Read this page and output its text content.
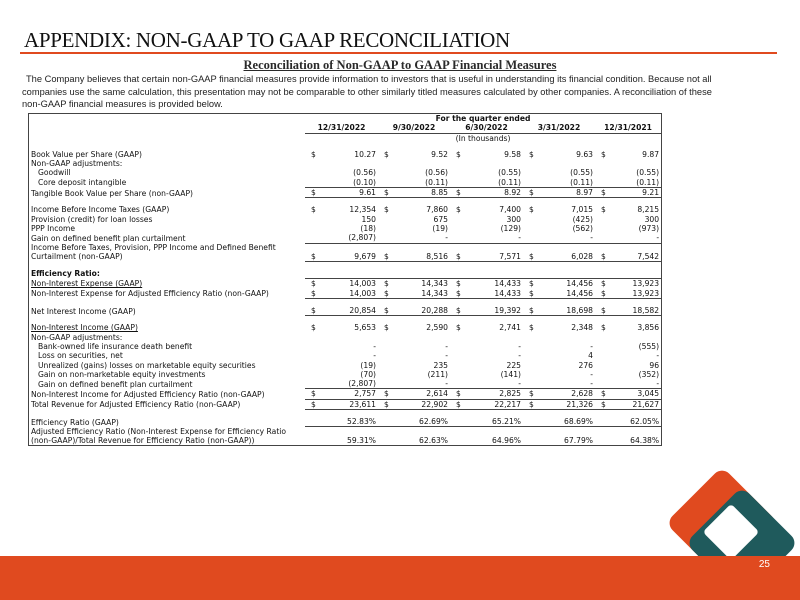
APPENDIX: NON-GAAP TO GAAP RECONCILIATION
Reconciliation of Non-GAAP to GAAP Financial Measures
The Company believes that certain non-GAAP financial measures provide information to investors that is useful in understanding its financial condition. Because not all companies use the same calculation, this presentation may not be comparable to other similarly titled measures calculated by other companies. A reconciliation of these non-GAAP financial measures is provided below.
	For the quarter ended									
	12/31/2022		9/30/2022		6/30/2022		3/31/2022		12/31/2021	
	(In thousands)									

Book Value per Share (GAAP)	$	10.27	$	9.52	$	9.58	$	9.63	$	9.87
Non-GAAP adjustments:										
Goodwill		(0.56)		(0.56)		(0.55)		(0.55)		(0.55)
Core deposit intangible		(0.10)		(0.11)		(0.11)		(0.11)		(0.11)
Tangible Book Value per Share (non-GAAP)	$	9.61	$	8.85	$	8.92	$	8.97	$	9.21

Income Before Income Taxes (GAAP)	$	12,354	$	7,860	$	7,400	$	7,015	$	8,215
Provision (credit) for loan losses		150		675		300		(425)		300
PPP Income		(18)		(19)		(129)		(562)		(973)
Gain on defined benefit plan curtailment		(2,807)		-		-		-		-
Income Before Taxes, Provision, PPP Income and Defined Benefit Curtailment (non-GAAP)	$	9,679	$	8,516	$	7,571	$	6,028	$	7,542

Efficiency Ratio:										
Non-Interest Expense (GAAP)	$	14,003	$	14,343	$	14,433	$	14,456	$	13,923
Non-Interest Expense for Adjusted Efficiency Ratio (non-GAAP)	$	14,003	$	14,343	$	14,433	$	14,456	$	13,923

Net Interest Income (GAAP)	$	20,854	$	20,288	$	19,392	$	18,698	$	18,582

Non-Interest Income (GAAP)	$	5,653	$	2,590	$	2,741	$	2,348	$	3,856
Non-GAAP adjustments:										
Bank-owned life insurance death benefit		-		-		-		-		(555)
Loss on securities, net		-		-		-		4		-
Unrealized (gains) losses on marketable equity securities		(19)		235		225		276		96
Gain on non-marketable equity investments		(70)		(211)		(141)		-		(352)
Gain on defined benefit plan curtailment		(2,807)		-		-		-		-
Non-Interest Income for Adjusted Efficiency Ratio (non-GAAP)	$	2,757	$	2,614	$	2,825	$	2,628	$	3,045
Total Revenue for Adjusted Efficiency Ratio (non-GAAP)	$	23,611	$	22,902	$	22,217	$	21,326	$	21,627

Efficiency Ratio (GAAP)		52.83%		62.69%		65.21%		68.69%		62.05%
Adjusted Efficiency Ratio (Non-Interest Expense for Efficiency Ratio (non-GAAP)/Total Revenue for Efficiency Ratio (non-GAAP))		59.31%		62.63%		64.96%		67.79%		64.38%
25
